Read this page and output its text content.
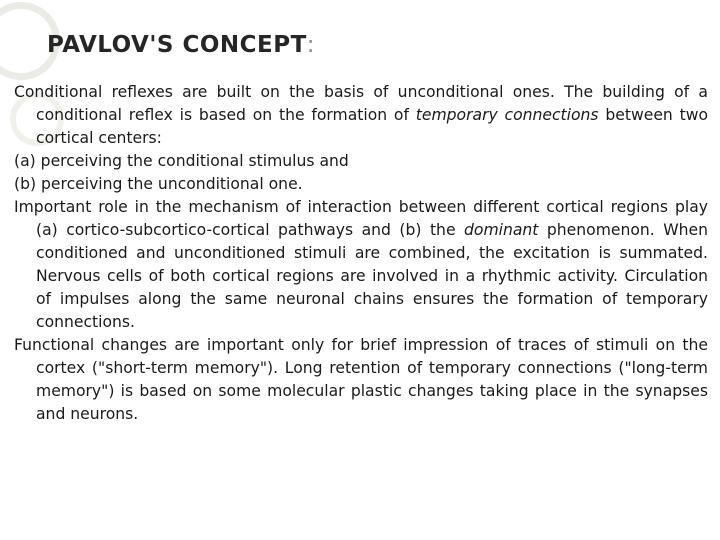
PAVLOV'S CONCEPT:

Conditional reflexes are built on the basis of unconditional ones. The building of a conditional reflex is based on the formation of temporary connections between two cortical centers:

(a) perceiving the conditional stimulus and

(b) perceiving the unconditional one.

Important role in the mechanism of interaction between different cortical regions play (a) cortico-subcortico-cortical pathways and (b) the dominant phenomenon. When conditioned and unconditioned stimuli are combined, the excitation is summated. Nervous cells of both cortical regions are involved in a rhythmic activity. Circulation of impulses along the same neuronal chains ensures the formation of temporary connections.

Functional changes are important only for brief impression of traces of stimuli on the cortex ("short-term memory"). Long retention of temporary connections ("long-term memory") is based on some molecular plastic changes taking place in the synapses and neurons.
